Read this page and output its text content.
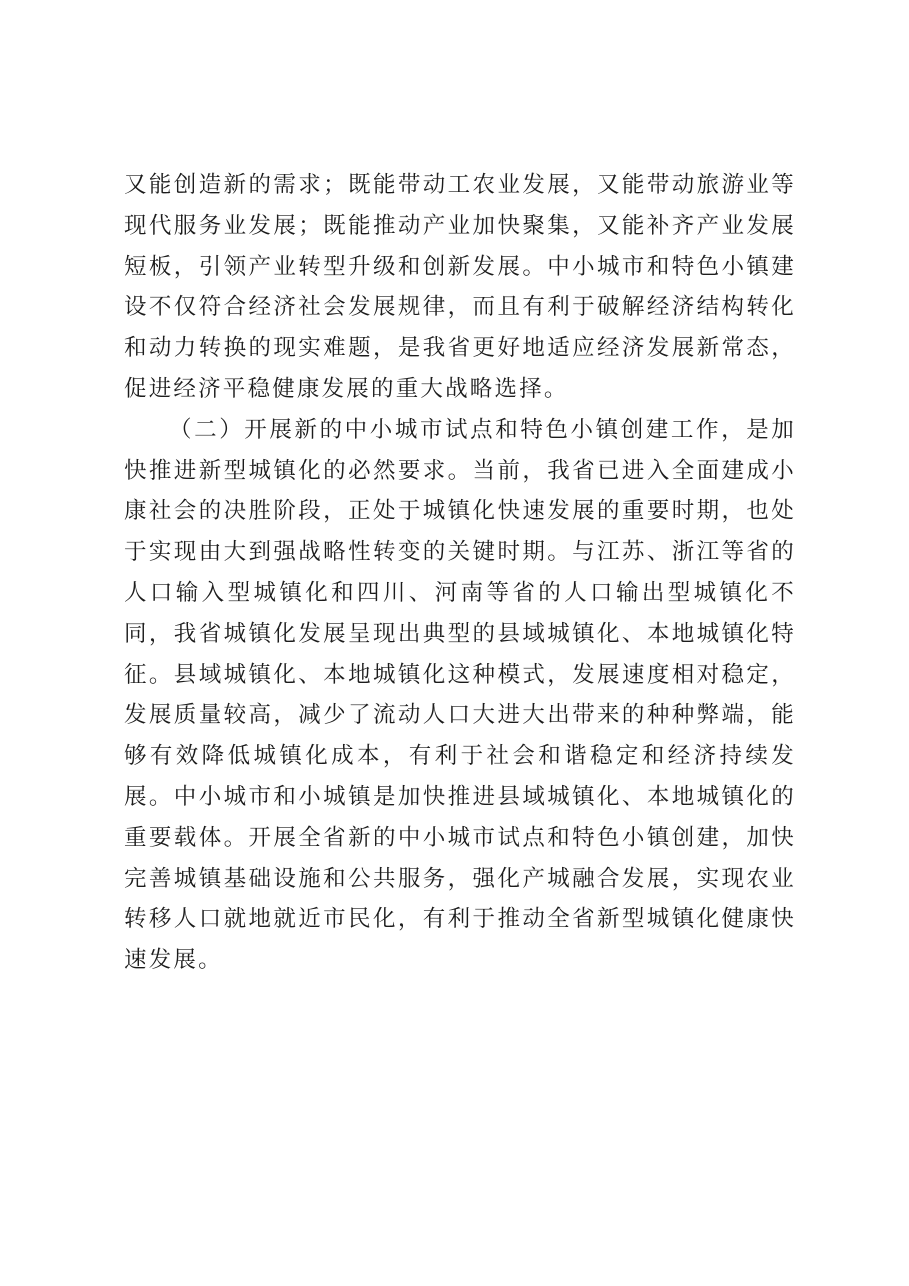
又能创造新的需求；既能带动工农业发展，又能带动旅游业等现代服务业发展；既能推动产业加快聚集，又能补齐产业发展短板，引领产业转型升级和创新发展。中小城市和特色小镇建设不仅符合经济社会发展规律，而且有利于破解经济结构转化和动力转换的现实难题，是我省更好地适应经济发展新常态，促进经济平稳健康发展的重大战略选择。

（二）开展新的中小城市试点和特色小镇创建工作，是加快推进新型城镇化的必然要求。当前，我省已进入全面建成小康社会的决胜阶段，正处于城镇化快速发展的重要时期，也处于实现由大到强战略性转变的关键时期。与江苏、浙江等省的人口输入型城镇化和四川、河南等省的人口输出型城镇化不同，我省城镇化发展呈现出典型的县域城镇化、本地城镇化特征。县域城镇化、本地城镇化这种模式，发展速度相对稳定，发展质量较高，减少了流动人口大进大出带来的种种弊端，能够有效降低城镇化成本，有利于社会和谐稳定和经济持续发展。中小城市和小城镇是加快推进县域城镇化、本地城镇化的重要载体。开展全省新的中小城市试点和特色小镇创建，加快完善城镇基础设施和公共服务，强化产城融合发展，实现农业转移人口就地就近市民化，有利于推动全省新型城镇化健康快速发展。
